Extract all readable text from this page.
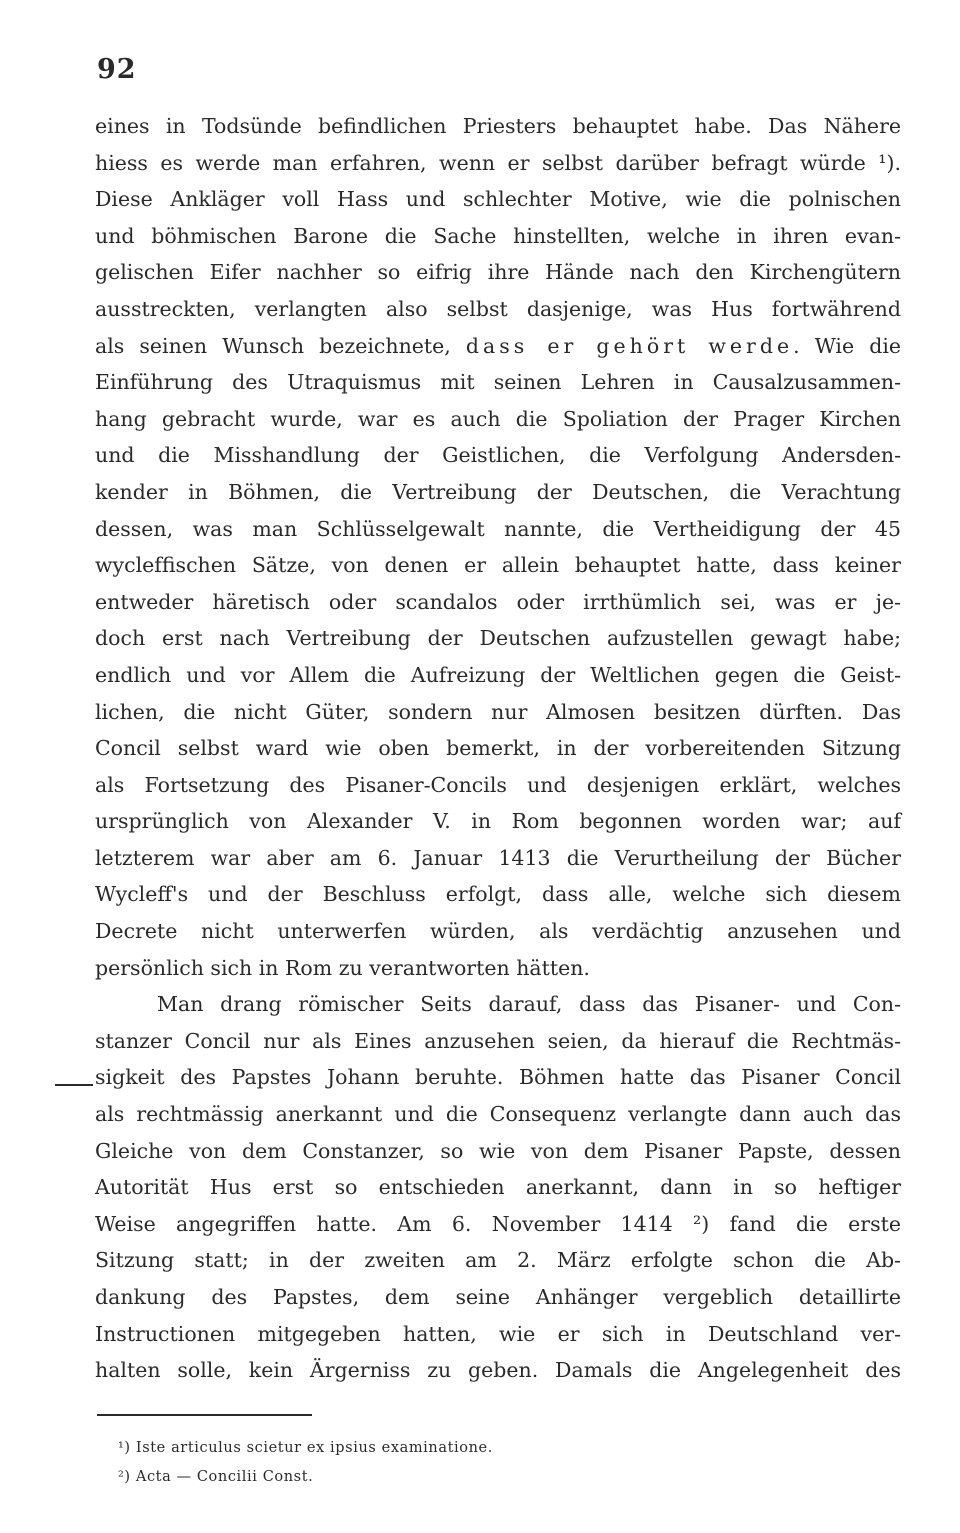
92
eines in Todsünde befindlichen Priesters behauptet habe. Das Nähere
hiess es werde man erfahren, wenn er selbst darüber befragt würde ¹).
Diese Ankläger voll Hass und schlechter Motive, wie die polnischen
und böhmischen Barone die Sache hinstellten, welche in ihren evan-
gelischen Eifer nachher so eifrig ihre Hände nach den Kirchengütern
ausstreckten, verlangten also selbst dasjenige, was Hus fortwährend
als seinen Wunsch bezeichnete, dass er gehört werde. Wie die
Einführung des Utraquismus mit seinen Lehren in Causalzusammen-
hang gebracht wurde, war es auch die Spoliation der Prager Kirchen
und die Misshandlung der Geistlichen, die Verfolgung Andersden-
kender in Böhmen, die Vertreibung der Deutschen, die Verachtung
dessen, was man Schlüsselgewalt nannte, die Vertheidigung der 45
wyclefﬁschen Sätze, von denen er allein behauptet hatte, dass keiner
entweder häretisch oder scandalos oder irrthümlich sei, was er je-
doch erst nach Vertreibung der Deutschen aufzustellen gewagt habe;
endlich und vor Allem die Aufreizung der Weltlichen gegen die Geist-
lichen, die nicht Güter, sondern nur Almosen besitzen dürften. Das
Concil selbst ward wie oben bemerkt, in der vorbereitenden Sitzung
als Fortsetzung des Pisaner-Concils und desjenigen erklärt, welches
ursprünglich von Alexander V. in Rom begonnen worden war; auf
letzterem war aber am 6. Januar 1413 die Verurtheilung der Bücher
Wycleff's und der Beschluss erfolgt, dass alle, welche sich diesem
Decrete nicht unterwerfen würden, als verdächtig anzusehen und
persönlich sich in Rom zu verantworten hätten.
Man drang römischer Seits darauf, dass das Pisaner- und Con-
stanzer Concil nur als Eines anzusehen seien, da hierauf die Rechtmäs-
sigkeit des Papstes Johann beruhte. Böhmen hatte das Pisaner Concil
als rechtmässig anerkannt und die Consequenz verlangte dann auch das
Gleiche von dem Constanzer, so wie von dem Pisaner Papste, dessen
Autorität Hus erst so entschieden anerkannt, dann in so heftiger
Weise angegriffen hatte. Am 6. November 1414 ²) fand die erste
Sitzung statt; in der zweiten am 2. März erfolgte schon die Ab-
dankung des Papstes, dem seine Anhänger vergeblich detaillirte
Instructionen mitgegeben hatten, wie er sich in Deutschland ver-
halten solle, kein Ärgerniss zu geben. Damals die Angelegenheit des
¹) Iste articulus scietur ex ipsius examinatione.
²) Acta — Concilii Const.
